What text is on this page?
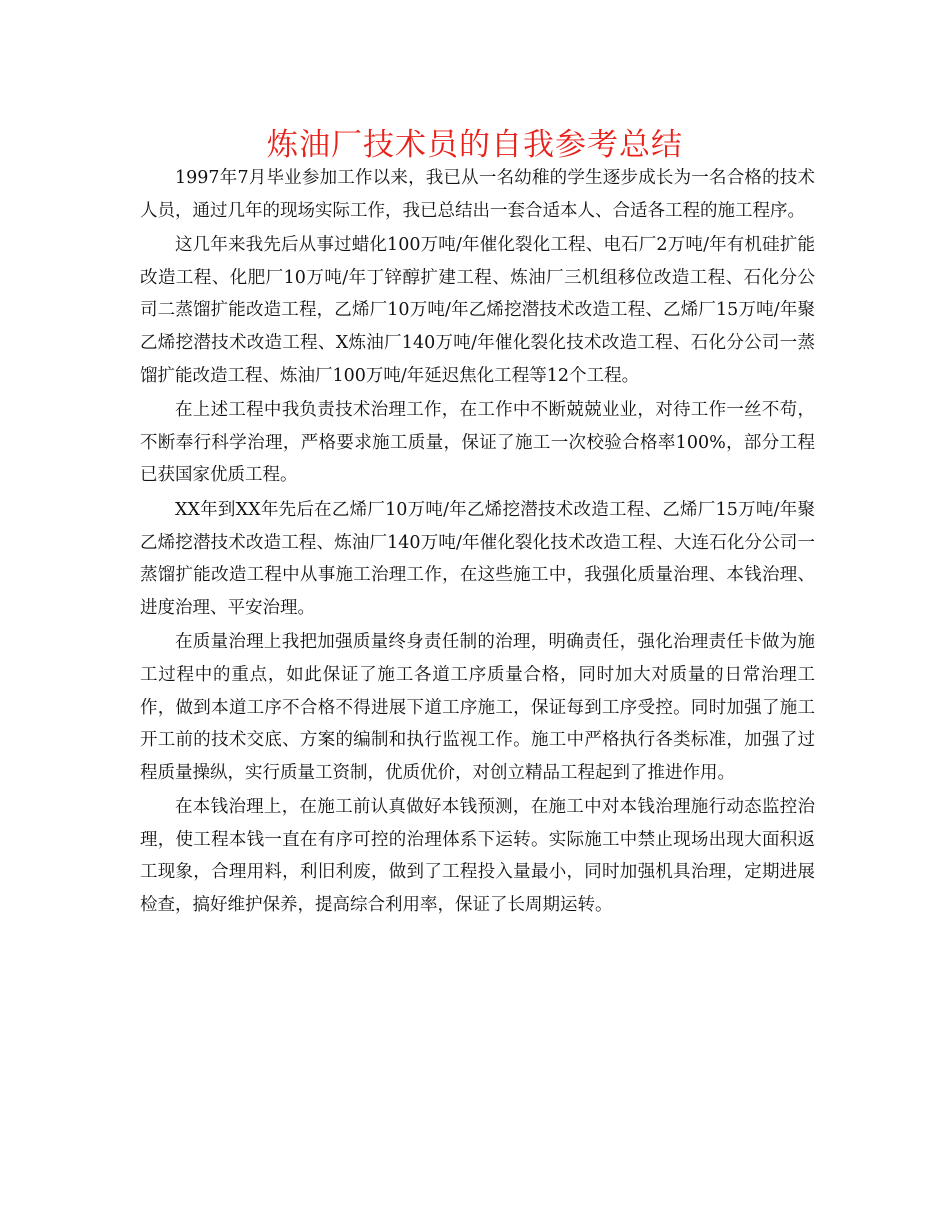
炼油厂技术员的自我参考总结

1997年7月毕业参加工作以来，我已从一名幼稚的学生逐步成长为一名合格的技术人员，通过几年的现场实际工作，我已总结出一套合适本人、合适各工程的施工程序。

这几年来我先后从事过蜡化100万吨/年催化裂化工程、电石厂2万吨/年有机硅扩能改造工程、化肥厂10万吨/年丁锌醇扩建工程、炼油厂三机组移位改造工程、石化分公司二蒸馏扩能改造工程，乙烯厂10万吨/年乙烯挖潜技术改造工程、乙烯厂15万吨/年聚乙烯挖潜技术改造工程、X炼油厂140万吨/年催化裂化技术改造工程、石化分公司一蒸馏扩能改造工程、炼油厂100万吨/年延迟焦化工程等12个工程。

在上述工程中我负责技术治理工作，在工作中不断兢兢业业，对待工作一丝不苟，不断奉行科学治理，严格要求施工质量，保证了施工一次校验合格率100%，部分工程已获国家优质工程。

XX年到XX年先后在乙烯厂10万吨/年乙烯挖潜技术改造工程、乙烯厂15万吨/年聚乙烯挖潜技术改造工程、炼油厂140万吨/年催化裂化技术改造工程、大连石化分公司一蒸馏扩能改造工程中从事施工治理工作，在这些施工中，我强化质量治理、本钱治理、进度治理、平安治理。

在质量治理上我把加强质量终身责任制的治理，明确责任，强化治理责任卡做为施工过程中的重点，如此保证了施工各道工序质量合格，同时加大对质量的日常治理工作，做到本道工序不合格不得进展下道工序施工，保证每到工序受控。同时加强了施工开工前的技术交底、方案的编制和执行监视工作。施工中严格执行各类标准，加强了过程质量操纵，实行质量工资制，优质优价，对创立精品工程起到了推进作用。

在本钱治理上，在施工前认真做好本钱预测，在施工中对本钱治理施行动态监控治理，使工程本钱一直在有序可控的治理体系下运转。实际施工中禁止现场出现大面积返工现象，合理用料，利旧利废，做到了工程投入量最小，同时加强机具治理，定期进展检查，搞好维护保养，提高综合利用率，保证了长周期运转。
